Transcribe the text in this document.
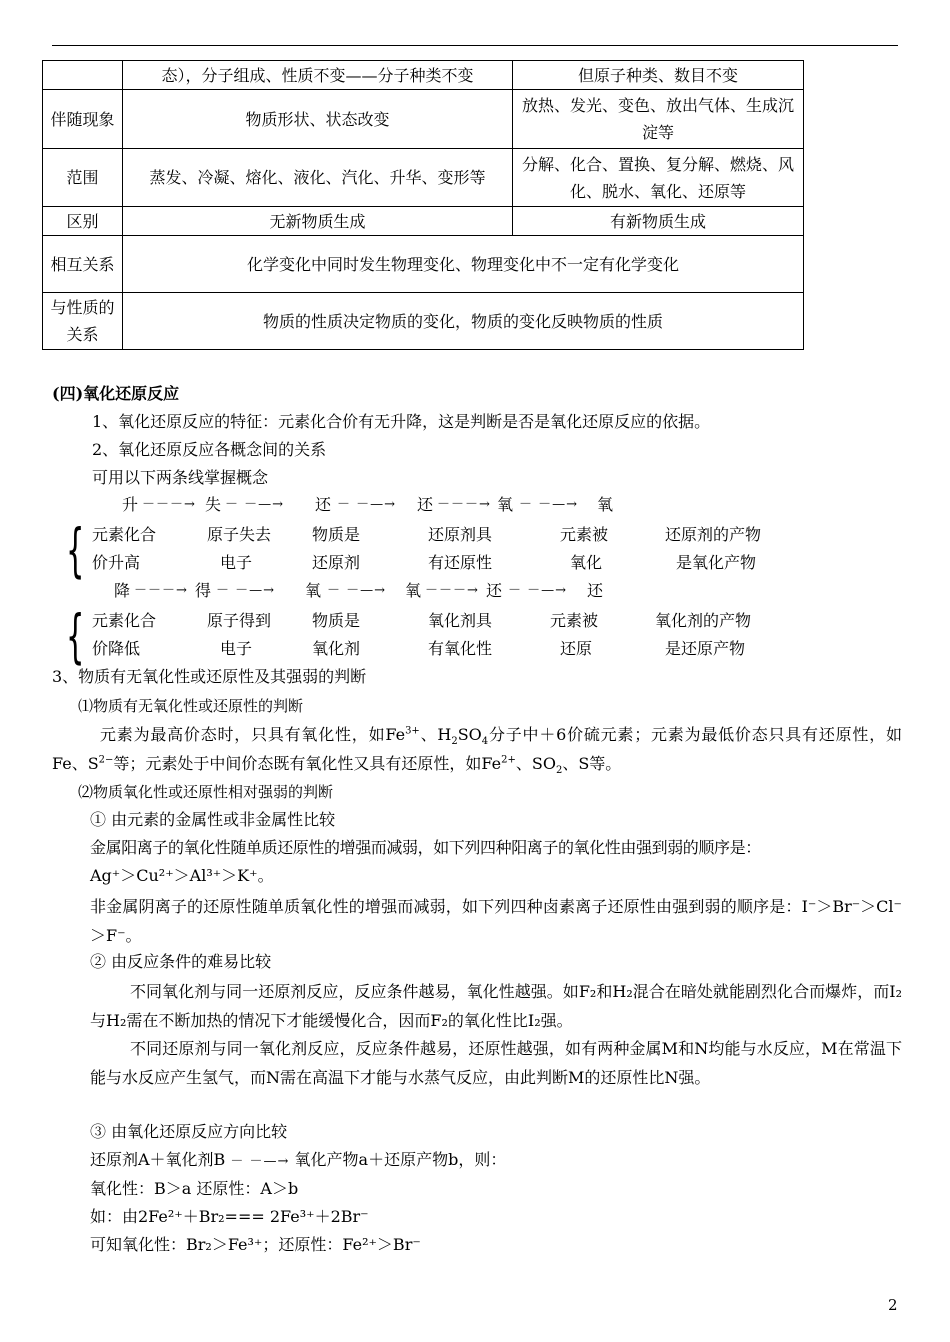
	态），分子组成、性质不变——分子种类不变	但原子种类、数目不变
伴随现象	物质形状、状态改变	放热、发光、变色、放出气体、生成沉淀等
范围	蒸发、冷凝、熔化、液化、汽化、升华、变形等	分解、化合、置换、复分解、燃烧、风化、脱水、氧化、还原等
区别	无新物质生成	有新物质生成
相互关系	化学变化中同时发生物理变化、物理变化中不一定有化学变化	
与性质的关系	物质的性质决定物质的变化，物质的变化反映物质的性质	
(四)氧化还原反应
1、氧化还原反应的特征：元素化合价有无升降，这是判断是否是氧化还原反应的依据。
2、氧化还原反应各概念间的关系
可用以下两条线掌握概念
升 －－－→ 失 － －—→ 还 － －—→ 还 －－－→ 氧 － －—→ 氧
{ 元素化合	原子失去	物质是	还原剂具	元素被	还原剂的产物
价升高	电子	还原剂	有还原性	氧化	是氧化产物
降 －－－→ 得 － －—→ 氧 － －—→ 氧 －－－→ 还 － －—→ 还
{ 元素化合	原子得到	物质是	氧化剂具	元素被	氧化剂的产物
价降低	电子	氧化剂	有氧化性	还原	是还原产物
3、物质有无氧化性或还原性及其强弱的判断
⑴物质有无氧化性或还原性的判断
元素为最高价态时，只具有氧化性，如$Fe^{3+}$、$H_2SO_4$分子中＋6价硫元素；元素为最低价态只具有还原性，如Fe、$S^{2-}$等；元素处于中间价态既有氧化性又具有还原性，如$Fe^{2+}$、$SO_2$、S等。
⑵物质氧化性或还原性相对强弱的判断
① 由元素的金属性或非金属性比较
金属阳离子的氧化性随单质还原性的增强而减弱，如下列四种阳离子的氧化性由强到弱的顺序是：
Ag⁺＞Cu²⁺＞Al³⁺＞K⁺。
非金属阴离子的还原性随单质氧化性的增强而减弱，如下列四种卤素离子还原性由强到弱的顺序是：I⁻＞Br⁻＞Cl⁻＞F⁻。
② 由反应条件的难易比较
不同氧化剂与同一还原剂反应，反应条件越易，氧化性越强。如F₂和H₂混合在暗处就能剧烈化合而爆炸，而I₂与H₂需在不断加热的情况下才能缓慢化合，因而F₂的氧化性比I₂强。
不同还原剂与同一氧化剂反应，反应条件越易，还原性越强，如有两种金属M和N均能与水反应，M在常温下能与水反应产生氢气，而N需在高温下才能与水蒸气反应，由此判断M的还原性比N强。
③ 由氧化还原反应方向比较
还原剂A＋氧化剂B － －—→ 氧化产物a＋还原产物b，则：
氧化性：B＞a 还原性：A＞b
如：由2Fe²⁺＋Br₂=== 2Fe³⁺＋2Br⁻
可知氧化性：Br₂＞Fe³⁺；还原性：Fe²⁺＞Br⁻
2
